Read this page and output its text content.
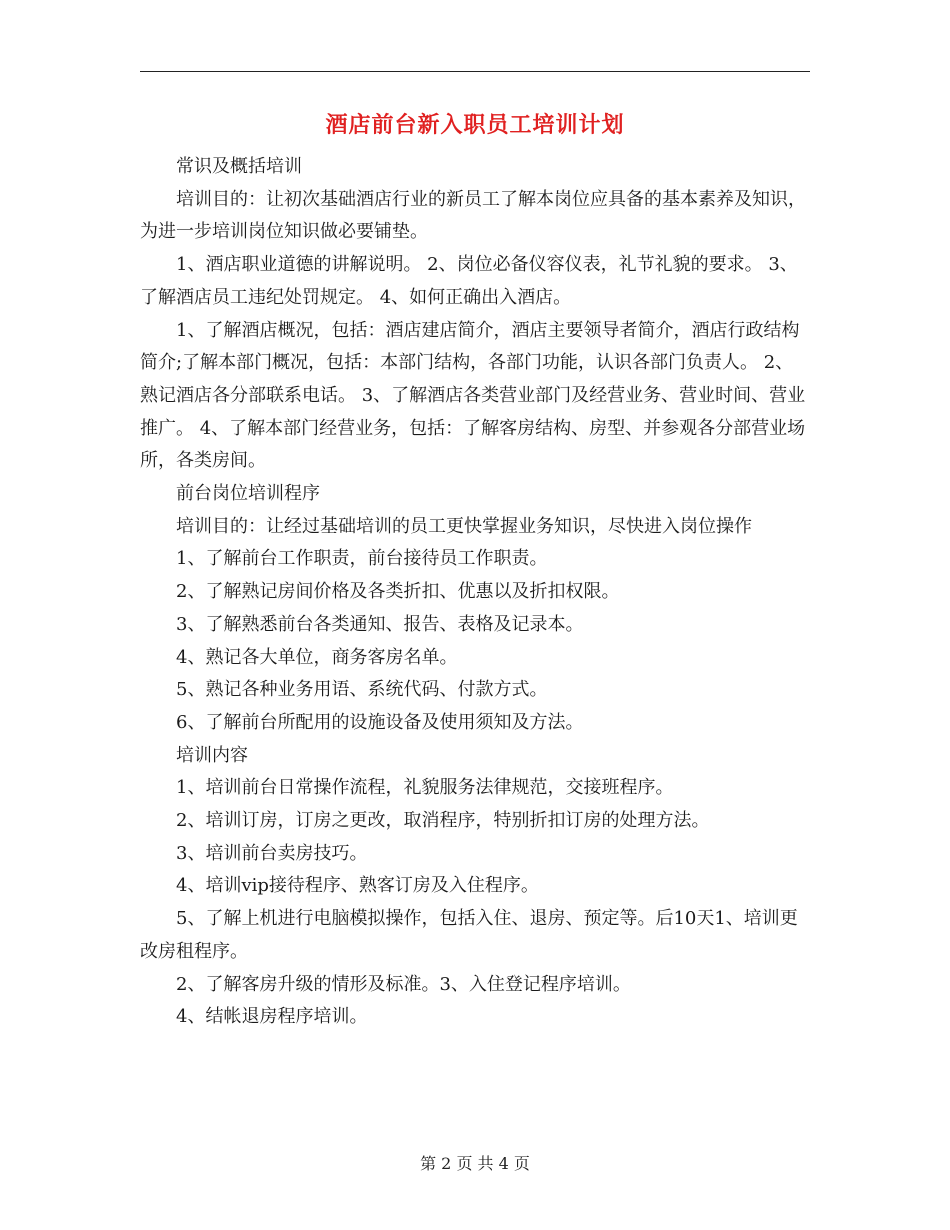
酒店前台新入职员工培训计划

常识及概括培训

培训目的：让初次基础酒店行业的新员工了解本岗位应具备的基本素养及知识，为进一步培训岗位知识做必要铺垫。

1、酒店职业道德的讲解说明。 2、岗位必备仪容仪表，礼节礼貌的要求。 3、了解酒店员工违纪处罚规定。 4、如何正确出入酒店。

1、了解酒店概况，包括：酒店建店简介，酒店主要领导者简介，酒店行政结构简介;了解本部门概况，包括：本部门结构，各部门功能，认识各部门负责人。 2、熟记酒店各分部联系电话。 3、了解酒店各类营业部门及经营业务、营业时间、营业推广。 4、了解本部门经营业务，包括：了解客房结构、房型、并参观各分部营业场所，各类房间。

前台岗位培训程序

培训目的：让经过基础培训的员工更快掌握业务知识，尽快进入岗位操作

1、了解前台工作职责，前台接待员工作职责。

2、了解熟记房间价格及各类折扣、优惠以及折扣权限。

3、了解熟悉前台各类通知、报告、表格及记录本。

4、熟记各大单位，商务客房名单。

5、熟记各种业务用语、系统代码、付款方式。

6、了解前台所配用的设施设备及使用须知及方法。

培训内容

1、培训前台日常操作流程，礼貌服务法律规范，交接班程序。

2、培训订房，订房之更改，取消程序，特别折扣订房的处理方法。

3、培训前台卖房技巧。

4、培训vip接待程序、熟客订房及入住程序。

5、了解上机进行电脑模拟操作，包括入住、退房、预定等。后10天1、培训更改房租程序。

2、了解客房升级的情形及标准。3、入住登记程序培训。

4、结帐退房程序培训。

第 2 页 共 4 页
